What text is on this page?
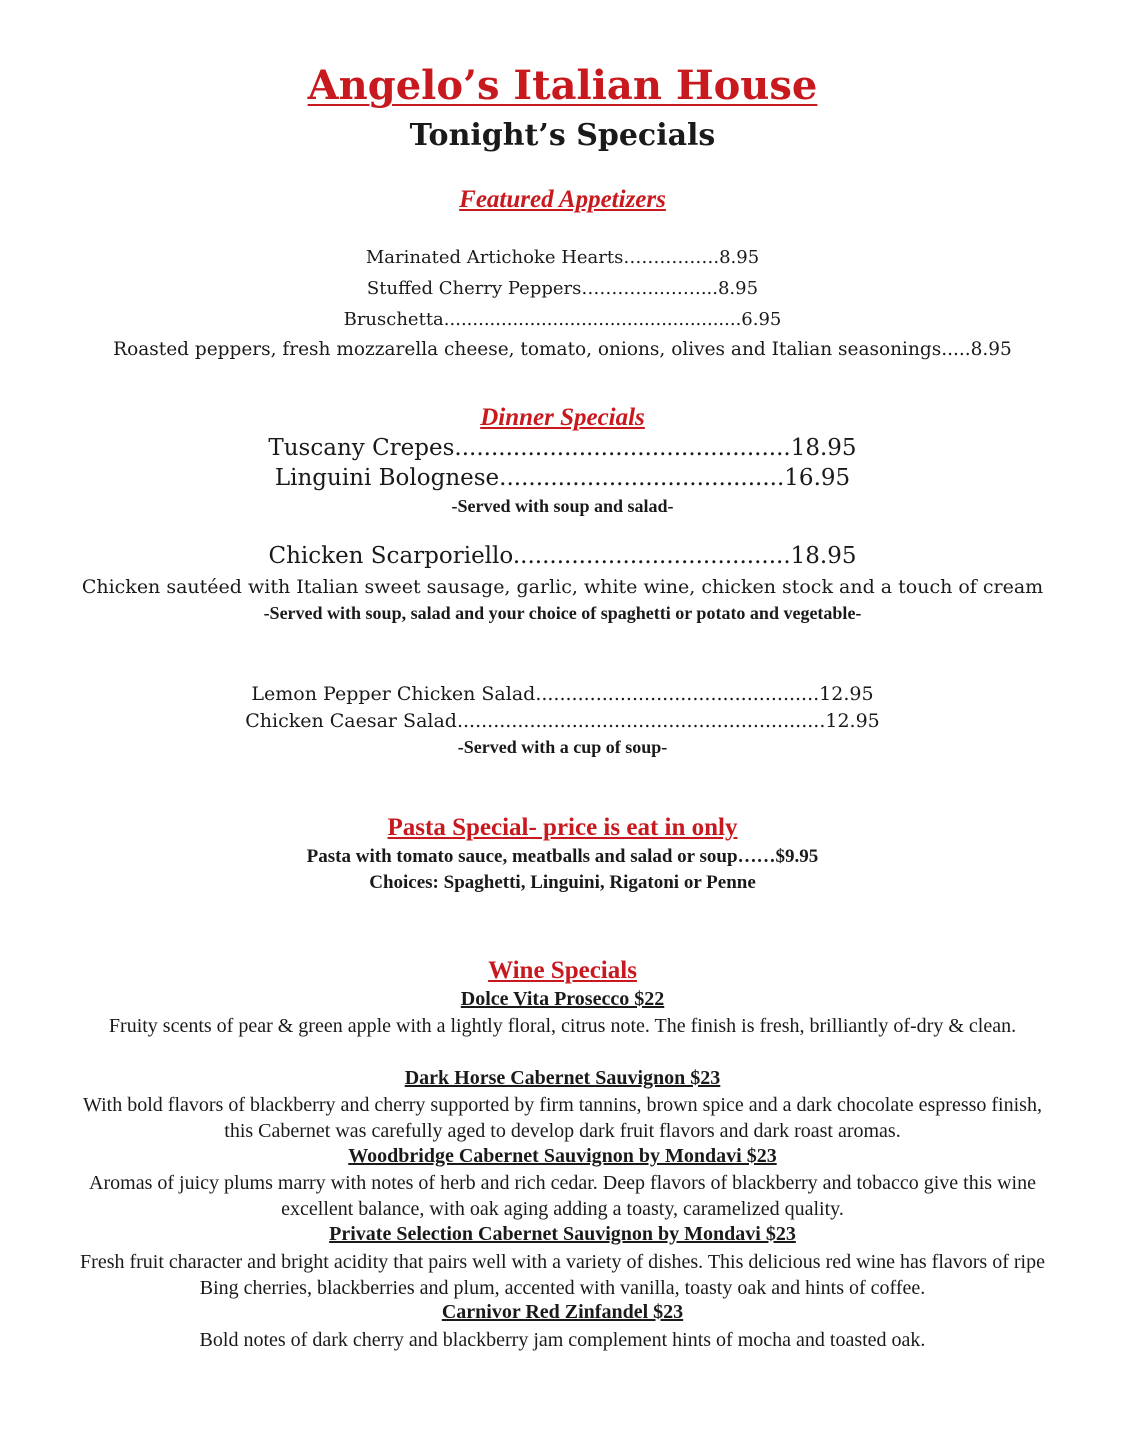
Angelo’s Italian House
Tonight’s Specials
Featured Appetizers
Marinated Artichoke Hearts…………….8.95
Stuffed Cherry Peppers…………..……...8.95
Bruschetta....................................................6.95
Roasted peppers, fresh mozzarella cheese, tomato, onions, olives and Italian seasonings.....8.95
Dinner Specials
Tuscany Crepes..............................................18.95
Linguini Bolognese.......................................16.95
-Served with soup and salad-
Chicken Scarporiello......................................18.95
Chicken sautéed with Italian sweet sausage, garlic, white wine, chicken stock and a touch of cream
-Served with soup, salad and your choice of spaghetti or potato and vegetable-
Lemon Pepper Chicken Salad...............................................12.95
Chicken Caesar Salad.............................................................12.95
-Served with a cup of soup-
Pasta Special- price is eat in only
Pasta with tomato sauce, meatballs and salad or soup……$9.95
Choices: Spaghetti, Linguini, Rigatoni or Penne
Wine Specials
Dolce Vita Prosecco $22
Fruity scents of pear & green apple with a lightly floral, citrus note. The finish is fresh, brilliantly of-dry & clean.
Dark Horse Cabernet Sauvignon $23
With bold flavors of blackberry and cherry supported by firm tannins, brown spice and a dark chocolate espresso finish, this Cabernet was carefully aged to develop dark fruit flavors and dark roast aromas.
Woodbridge Cabernet Sauvignon by Mondavi $23
Aromas of juicy plums marry with notes of herb and rich cedar. Deep flavors of blackberry and tobacco give this wine excellent balance, with oak aging adding a toasty, caramelized quality.
Private Selection Cabernet Sauvignon by Mondavi $23
Fresh fruit character and bright acidity that pairs well with a variety of dishes. This delicious red wine has flavors of ripe Bing cherries, blackberries and plum, accented with vanilla, toasty oak and hints of coffee.
Carnivor Red Zinfandel $23
Bold notes of dark cherry and blackberry jam complement hints of mocha and toasted oak.
